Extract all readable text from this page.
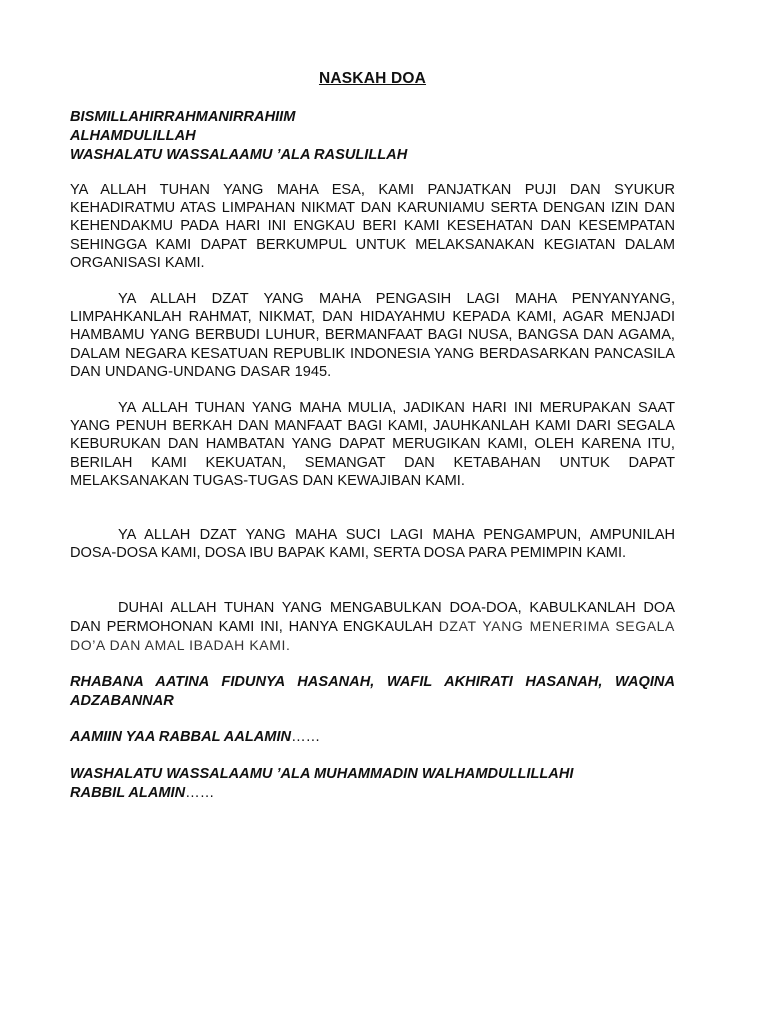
NASKAH DOA
BISMILLAHIRRAHMANIRRAHIIM
ALHAMDULILLAH
WASHALATU WASSALAAMU ’ALA RASULILLAH

YA ALLAH TUHAN YANG MAHA ESA, KAMI PANJATKAN PUJI DAN SYUKUR KEHADIRATMU ATAS LIMPAHAN NIKMAT DAN KARUNIAMU SERTA DENGAN IZIN DAN KEHENDAKMU PADA HARI INI ENGKAU BERI KAMI KESEHATAN DAN KESEMPATAN SEHINGGA KAMI DAPAT BERKUMPUL UNTUK MELAKSANAKAN KEGIATAN DALAM ORGANISASI KAMI.

YA ALLAH DZAT YANG MAHA PENGASIH LAGI MAHA PENYANYANG, LIMPAHKANLAH RAHMAT, NIKMAT, DAN HIDAYAHMU KEPADA KAMI, AGAR MENJADI HAMBAMU YANG BERBUDI LUHUR, BERMANFAAT BAGI NUSA, BANGSA DAN AGAMA, DALAM NEGARA KESATUAN REPUBLIK INDONESIA YANG BERDASARKAN PANCASILA DAN UNDANG-UNDANG DASAR 1945.

YA ALLAH TUHAN YANG MAHA MULIA, JADIKAN HARI INI MERUPAKAN SAAT YANG PENUH BERKAH DAN MANFAAT BAGI KAMI, JAUHKANLAH KAMI DARI SEGALA KEBURUKAN DAN HAMBATAN YANG DAPAT MERUGIKAN KAMI, OLEH KARENA ITU, BERILAH KAMI KEKUATAN, SEMANGAT DAN KETABAHAN UNTUK DAPAT MELAKSANAKAN TUGAS-TUGAS DAN KEWAJIBAN KAMI.

YA ALLAH DZAT YANG MAHA SUCI LAGI MAHA PENGAMPUN, AMPUNILAH DOSA-DOSA KAMI, DOSA IBU BAPAK KAMI, SERTA DOSA PARA PEMIMPIN KAMI.

DUHAI ALLAH TUHAN YANG MENGABULKAN DOA-DOA, KABULKANLAH DOA DAN PERMOHONAN KAMI INI, HANYA ENGKAULAH DZAT YANG MENERIMA SEGALA DO’A DAN AMAL IBADAH KAMI.

RHABANA AATINA FIDUNYA HASANAH, WAFIL AKHIRATI HASANAH, WAQINA ADZABANNAR

AAMIIN YAA RABBAL AALAMIN……

WASHALATU WASSALAAMU ’ALA MUHAMMADIN WALHAMDULLILLAHI
RABBIL ALAMIN……
